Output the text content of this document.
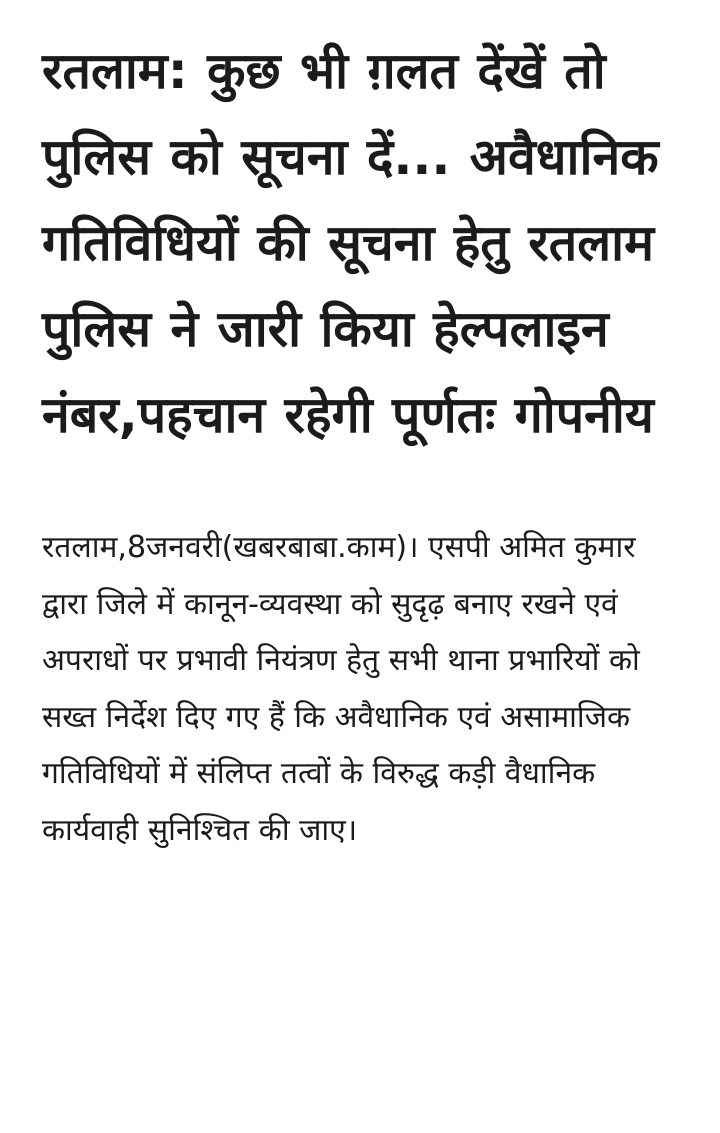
रतलाम: कुछ भी ग़लत देंखें तो पुलिस को सूचना दें... अवैधानिक गतिविधियों की सूचना हेतु रतलाम पुलिस ने जारी किया हेल्पलाइन नंबर,पहचान रहेगी पूर्णतः गोपनीय

रतलाम,8जनवरी(खबरबाबा.काम)। एसपी अमित कुमार द्वारा जिले में कानून-व्यवस्था को सुदृढ़ बनाए रखने एवं अपराधों पर प्रभावी नियंत्रण हेतु सभी थाना प्रभारियों को सख्त निर्देश दिए गए हैं कि अवैधानिक एवं असामाजिक गतिविधियों में संलिप्त तत्वों के विरुद्ध कड़ी वैधानिक कार्यवाही सुनिश्चित की जाए।
